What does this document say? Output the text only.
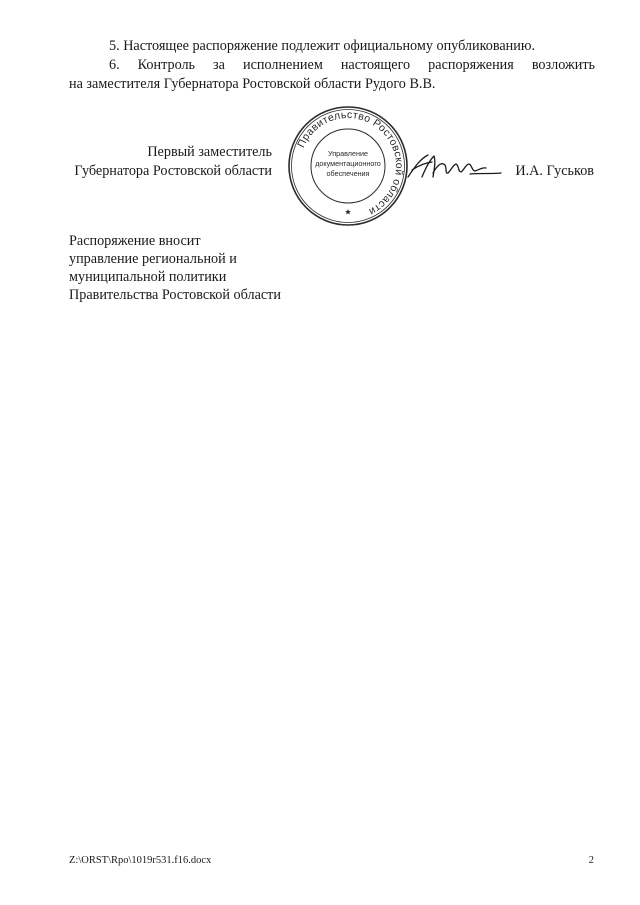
5. Настоящее распоряжение подлежит официальному опубликованию.
6. Контроль за исполнением настоящего распоряжения возложить
на заместителя Губернатора Ростовской области Рудого В.В.
Первый заместитель
Губернатора Ростовской области
Правительство Ростовской области
Управление
документационного
обеспечения	И.А. Гуськов
Распоряжение вносит
управление региональной и
муниципальной политики
Правительства Ростовской области
Z:\ORST\Rpo\1019r531.f16.docx	2
